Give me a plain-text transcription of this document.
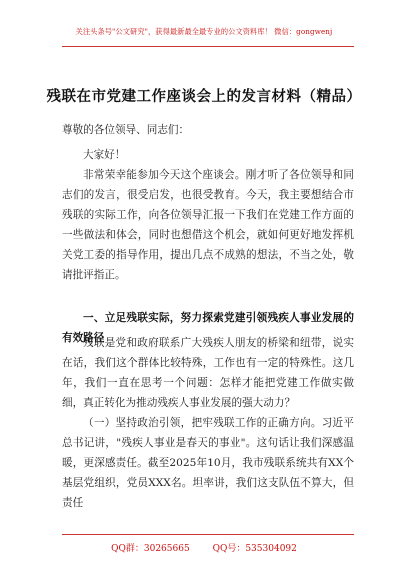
关注头条号"公文研究"，获得最新最全最专业的公文资料库！ 微信：gongwenj
残联在市党建工作座谈会上的发言材料（精品）
尊敬的各位领导、同志们：
大家好！
非常荣幸能参加今天这个座谈会。刚才听了各位领导和同志们的发言，很受启发，也很受教育。今天，我主要想结合市残联的实际工作，向各位领导汇报一下我们在党建工作方面的一些做法和体会，同时也想借这个机会，就如何更好地发挥机关党工委的指导作用，提出几点不成熟的想法，不当之处，敬请批评指正。
一、立足残联实际，努力探索党建引领残疾人事业发展的有效路径
残联是党和政府联系广大残疾人朋友的桥梁和纽带，说实在话，我们这个群体比较特殊，工作也有一定的特殊性。这几年，我们一直在思考一个问题：怎样才能把党建工作做实做细，真正转化为推动残疾人事业发展的强大动力？
（一）坚持政治引领，把牢残联工作的正确方向。习近平总书记讲，"残疾人事业是春天的事业"。这句话让我们深感温暖，更深感责任。截至2025年10月，我市残联系统共有XX个基层党组织，党员XXX名。坦率讲，我们这支队伍不算大，但责任
QQ群：30265665	QQ号：535304092
